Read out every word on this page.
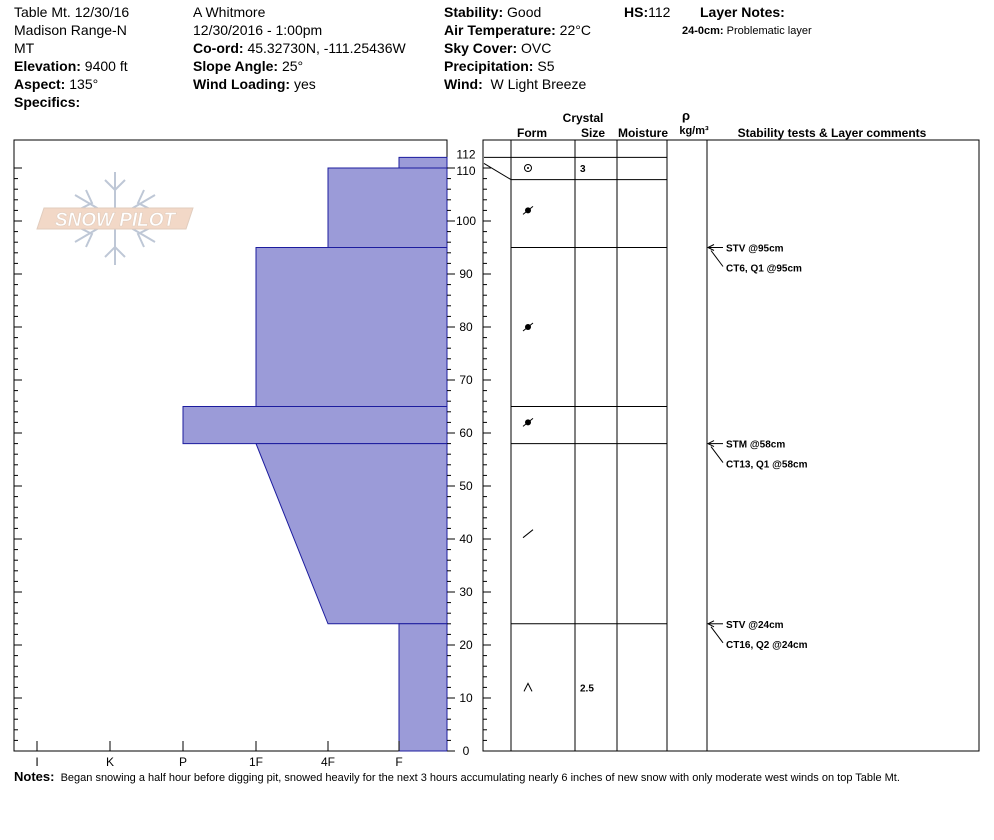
Table Mt. 12/30/16
Madison Range-N
MT
Elevation: 9400 ft
Aspect: 135°
Specifics:
A Whitmore
12/30/2016 - 1:00pm
Co-ord: 45.32730N, -111.25436W
Slope Angle: 25°
Wind Loading: yes
Stability: Good
Air Temperature: 22°C
Sky Cover: OVC
Precipitation: S5
Wind: W Light Breeze
HS:112 Layer Notes:
24-0cm: Problematic layer
SNOW PILOT
I	K	P	1F	4F	F
0
10
20
30
40
50
60
70
80
90
100
110
112
Crystal
Form	Size Moisture
ρ
kg/m³ Stability tests & Layer comments
3
2.5
STV @95cm
CT6, Q1 @95cm
STM @58cm
CT13, Q1 @58cm
STV @24cm
CT16, Q2 @24cm
Notes: Began snowing a half hour before digging pit, snowed heavily for the next 3 hours accumulating nearly 6 inches of new snow with only moderate west winds on top Table Mt.
